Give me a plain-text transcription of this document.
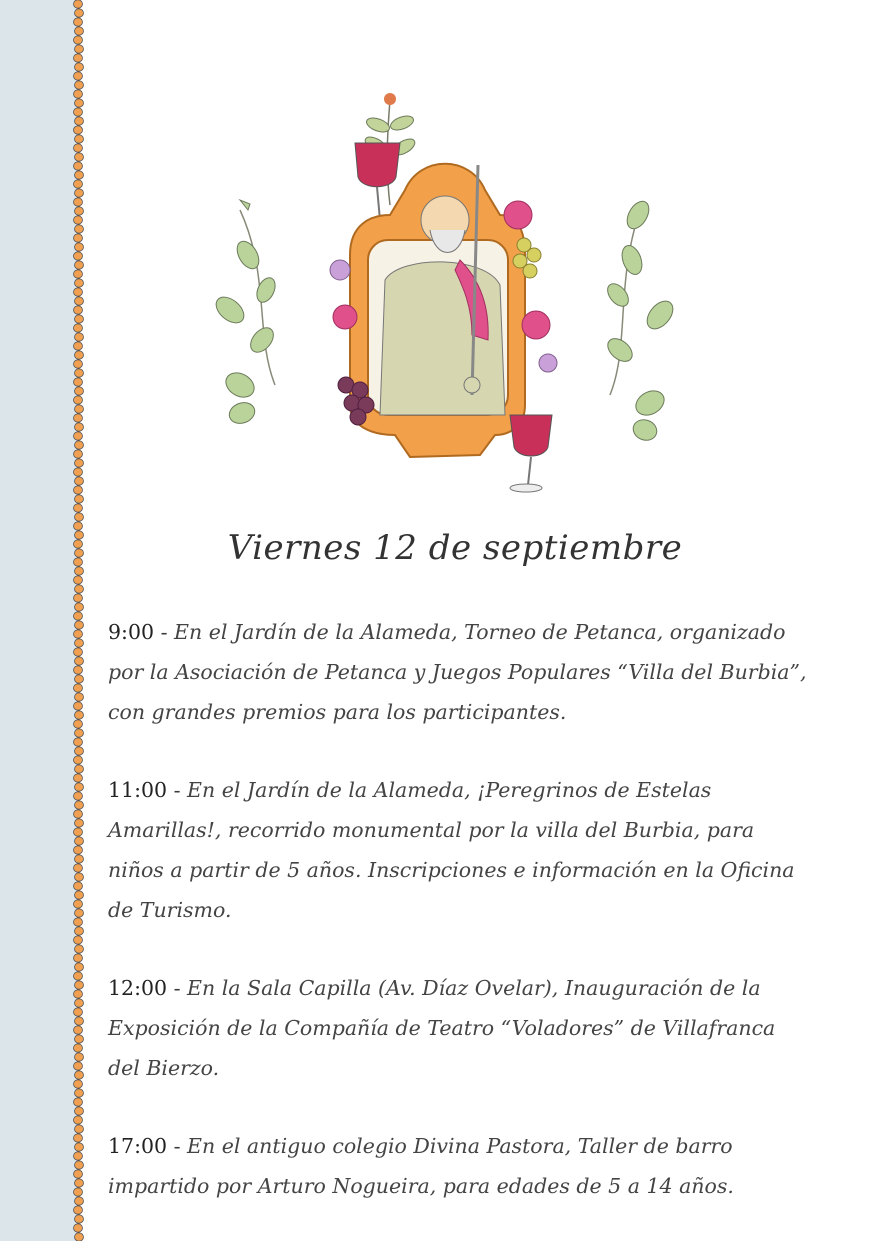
Viernes 12 de septiembre
9:00 - En el Jardín de la Alameda, Torneo de Petanca, organizado por la Asociación de Petanca y Juegos Populares “Villa del Burbia”, con grandes premios para los participantes.
11:00 - En el Jardín de la Alameda, ¡Peregrinos de Estelas Amarillas!, recorrido monumental por la villa del Burbia, para niños a partir de 5 años. Inscripciones e información en la Oficina de Turismo.
12:00 - En la Sala Capilla (Av. Díaz Ovelar), Inauguración de la Exposición de la Compañía de Teatro “Voladores” de Villafranca del Bierzo.
17:00 - En el antiguo colegio Divina Pastora, Taller de barro impartido por Arturo Nogueira, para edades de 5 a 14 años.
